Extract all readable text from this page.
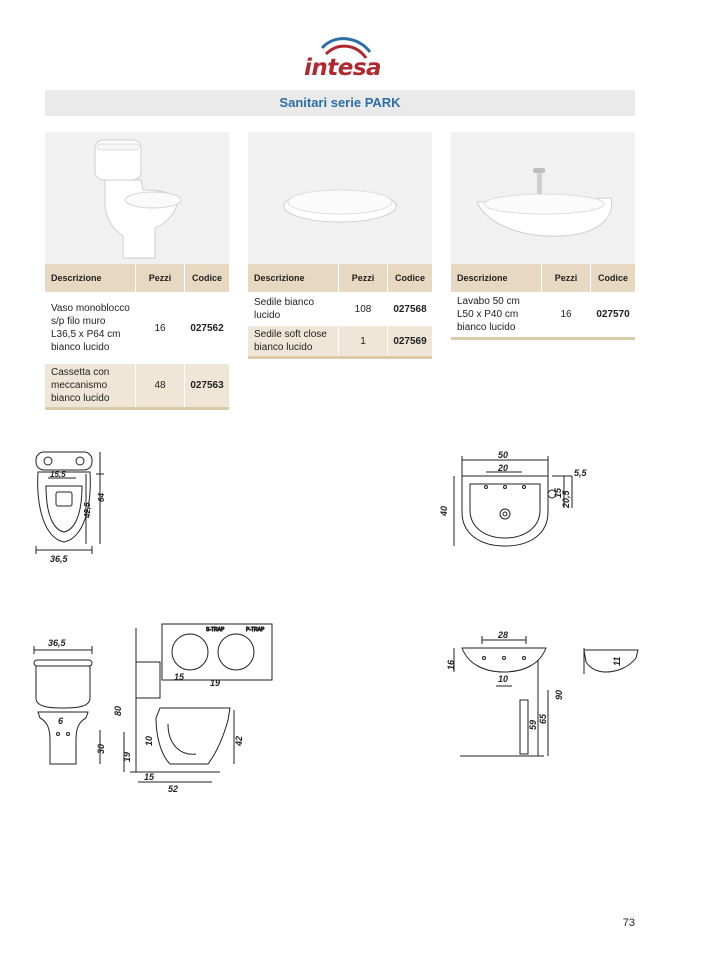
intesa
Sanitari serie PARK
Descrizione	Pezzi	Codice
Vaso monoblocco s/p filo muro L36,5 x P64 cm bianco lucido	16	027562
Cassetta con meccanismo bianco lucido	48	027563
Descrizione	Pezzi	Codice
Sedile bianco lucido	108	027568
Sedile soft close bianco lucido	1	027569
Descrizione	Pezzi	Codice
Lavabo 50 cm L50 x P40 cm bianco lucido	16	027570
15,5
42,5
64
36,5
50
20	5,5
15
20,5
40
36,5
6
30
S-TRAP	P-TRAP
80
10
19
15
52
42
19
15
28
16
10
59
65
90
11
73
